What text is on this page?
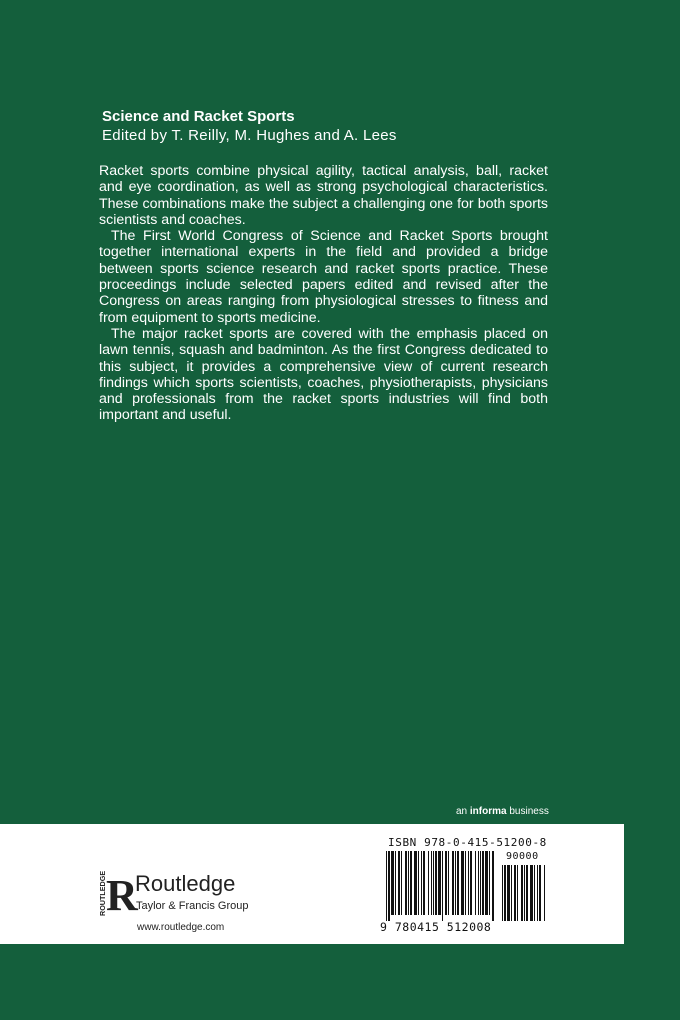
Science and Racket Sports
Edited by T. Reilly, M. Hughes and A. Lees

Racket sports combine physical agility, tactical analysis, ball, racket and eye coordination, as well as strong psychological characteristics. These combinations make the subject a challenging one for both sports scientists and coaches.

The First World Congress of Science and Racket Sports brought together international experts in the field and provided a bridge between sports science research and racket sports practice. These proceedings include selected papers edited and revised after the Congress on areas ranging from physiological stresses to fitness and from equipment to sports medicine.

The major racket sports are covered with the emphasis placed on lawn tennis, squash and badminton. As the first Congress dedicated to this subject, it provides a comprehensive view of current research findings which sports scientists, coaches, physiotherapists, physicians and professionals from the racket sports industries will find both important and useful.

an informa business
ROUTLEDGE R
Routledge
Taylor & Francis Group
www.routledge.com
ISBN 978-0-415-51200-8
90000
9 780415 512008
